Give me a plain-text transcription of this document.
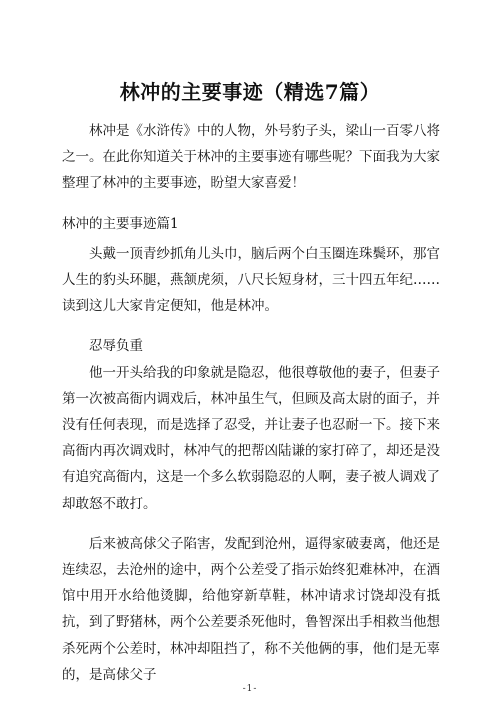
林冲的主要事迹（精选7篇）

林冲是《水浒传》中的人物，外号豹子头，梁山一百零八将之一。在此你知道关于林冲的主要事迹有哪些呢？下面我为大家整理了林冲的主要事迹，盼望大家喜爱！

林冲的主要事迹篇1

头戴一顶青纱抓角儿头巾，脑后两个白玉圈连珠鬓环，那官人生的豹头环腿，燕颔虎须，八尺长短身材，三十四五年纪……读到这儿大家肯定便知，他是林冲。

忍辱负重

他一开头给我的印象就是隐忍，他很尊敬他的妻子，但妻子第一次被高衙内调戏后，林冲虽生气，但顾及高太尉的面子，并没有任何表现，而是选择了忍受，并让妻子也忍耐一下。接下来高衙内再次调戏时，林冲气的把帮凶陆谦的家打碎了，却还是没有追究高衙内，这是一个多么软弱隐忍的人啊，妻子被人调戏了却敢怒不敢打。

后来被高俅父子陷害，发配到沧州，逼得家破妻离，他还是连续忍，去沧州的途中，两个公差受了指示始终犯难林冲，在酒馆中用开水给他烫脚，给他穿新草鞋，林冲请求讨饶却没有抵抗，到了野猪林，两个公差要杀死他时，鲁智深出手相救当他想杀死两个公差时，林冲却阻挡了，称不关他俩的事，他们是无辜的，是高俅父子

-1-
